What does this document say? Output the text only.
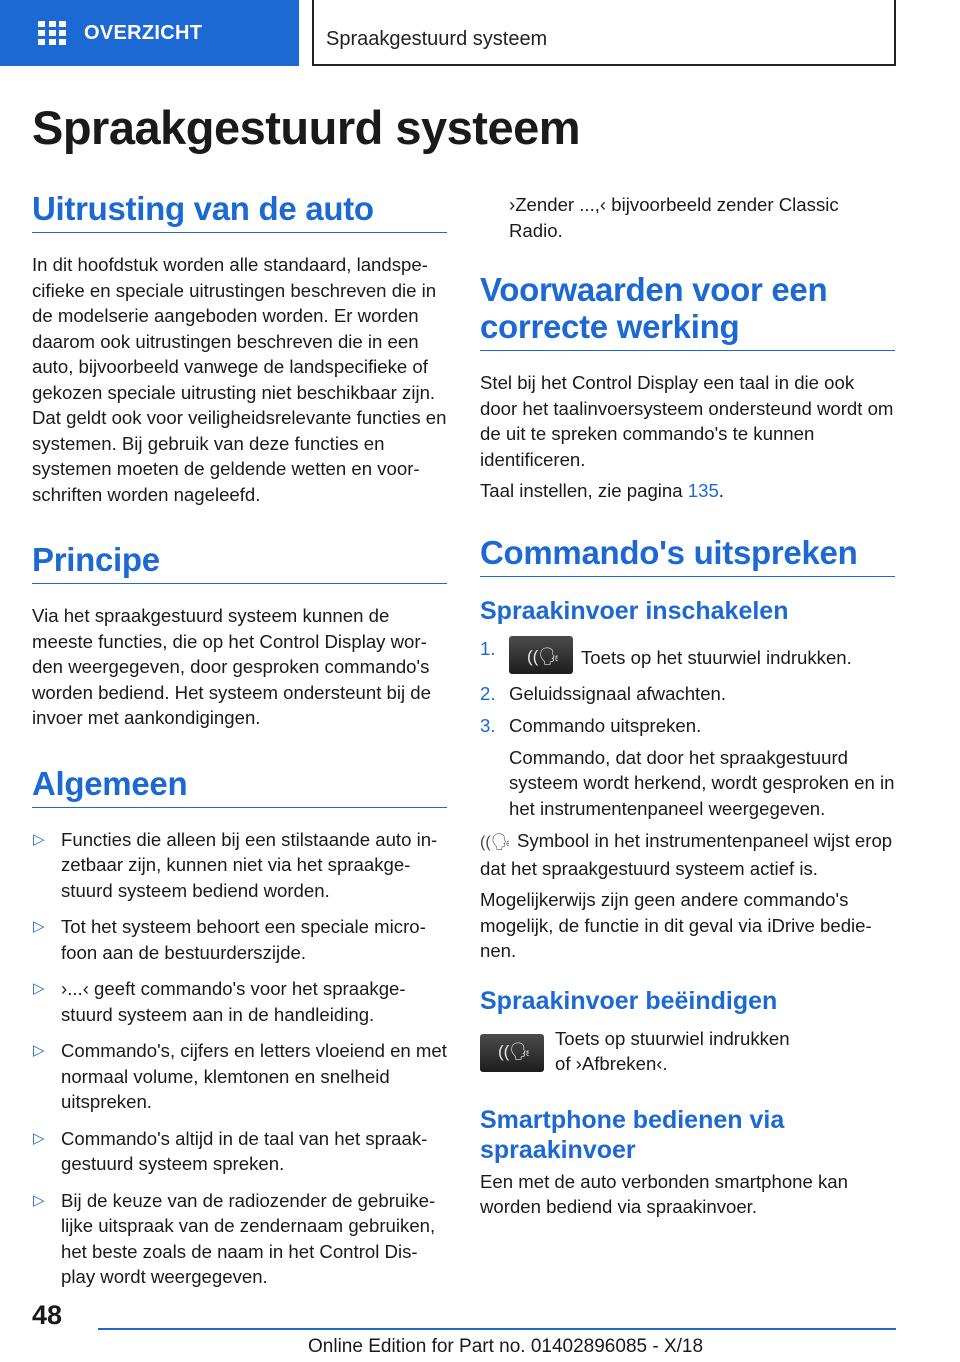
OVERZICHT	Spraakgestuurd systeem
Spraakgestuurd systeem
Uitrusting van de auto

In dit hoofdstuk worden alle standaard, landspe-cifieke en speciale uitrustingen beschreven die in de modelserie aangeboden worden. Er worden daarom ook uitrustingen beschreven die in een auto, bijvoorbeeld vanwege de landspecifieke of gekozen speciale uitrusting niet beschikbaar zijn. Dat geldt ook voor veiligheidsrelevante functies en systemen. Bij gebruik van deze functies en systemen moeten de geldende wetten en voor-schriften worden nageleefd.

Principe

Via het spraakgestuurd systeem kunnen de meeste functies, die op het Control Display wor-den weergegeven, door gesproken commando's worden bediend. Het systeem ondersteunt bij de invoer met aankondigingen.

Algemeen
▷ Functies die alleen bij een stilstaande auto in-zetbaar zijn, kunnen niet via het spraakge-stuurd systeem bediend worden.
▷ Tot het systeem behoort een speciale micro-foon aan de bestuurderszijde.
▷ ›...‹ geeft commando's voor het spraakge-stuurd systeem aan in de handleiding.
▷ Commando's, cijfers en letters vloeiend en met normaal volume, klemtonen en snelheid uitspreken.
▷ Commando's altijd in de taal van het spraak-gestuurd systeem spreken.
▷ Bij de keuze van de radiozender de gebruike-lijke uitspraak van de zendernaam gebruiken, het beste zoals de naam in het Control Dis-play wordt weergegeven.

›Zender ...,‹ bijvoorbeeld zender Classic Radio.

Voorwaarden voor een correcte werking

Stel bij het Control Display een taal in die ook door het taalinvoersysteem ondersteund wordt om de uit te spreken commando's te kunnen identificeren.

Taal instellen, zie pagina 135.

Commando's uitspreken
Spraakinvoer inschakelen
1. ((🗣 Toets op het stuurwiel indrukken.
2. Geluidssignaal afwachten.
3. Commando uitspreken.

Commando, dat door het spraakgestuurd systeem wordt herkend, wordt gesproken en in het instrumentenpaneel weergegeven.

((🗣 Symbool in het instrumentenpaneel wijst erop dat het spraakgestuurd systeem actief is.

Mogelijkerwijs zijn geen andere commando's mogelijk, de functie in dit geval via iDrive bedie-nen.

Spraakinvoer beëindigen
((🗣

Toets op stuurwiel indrukken

of ›Afbreken‹.

Smartphone bedienen via spraakinvoer

Een met de auto verbonden smartphone kan worden bediend via spraakinvoer.

48
Online Edition for Part no. 01402896085 - X/18
